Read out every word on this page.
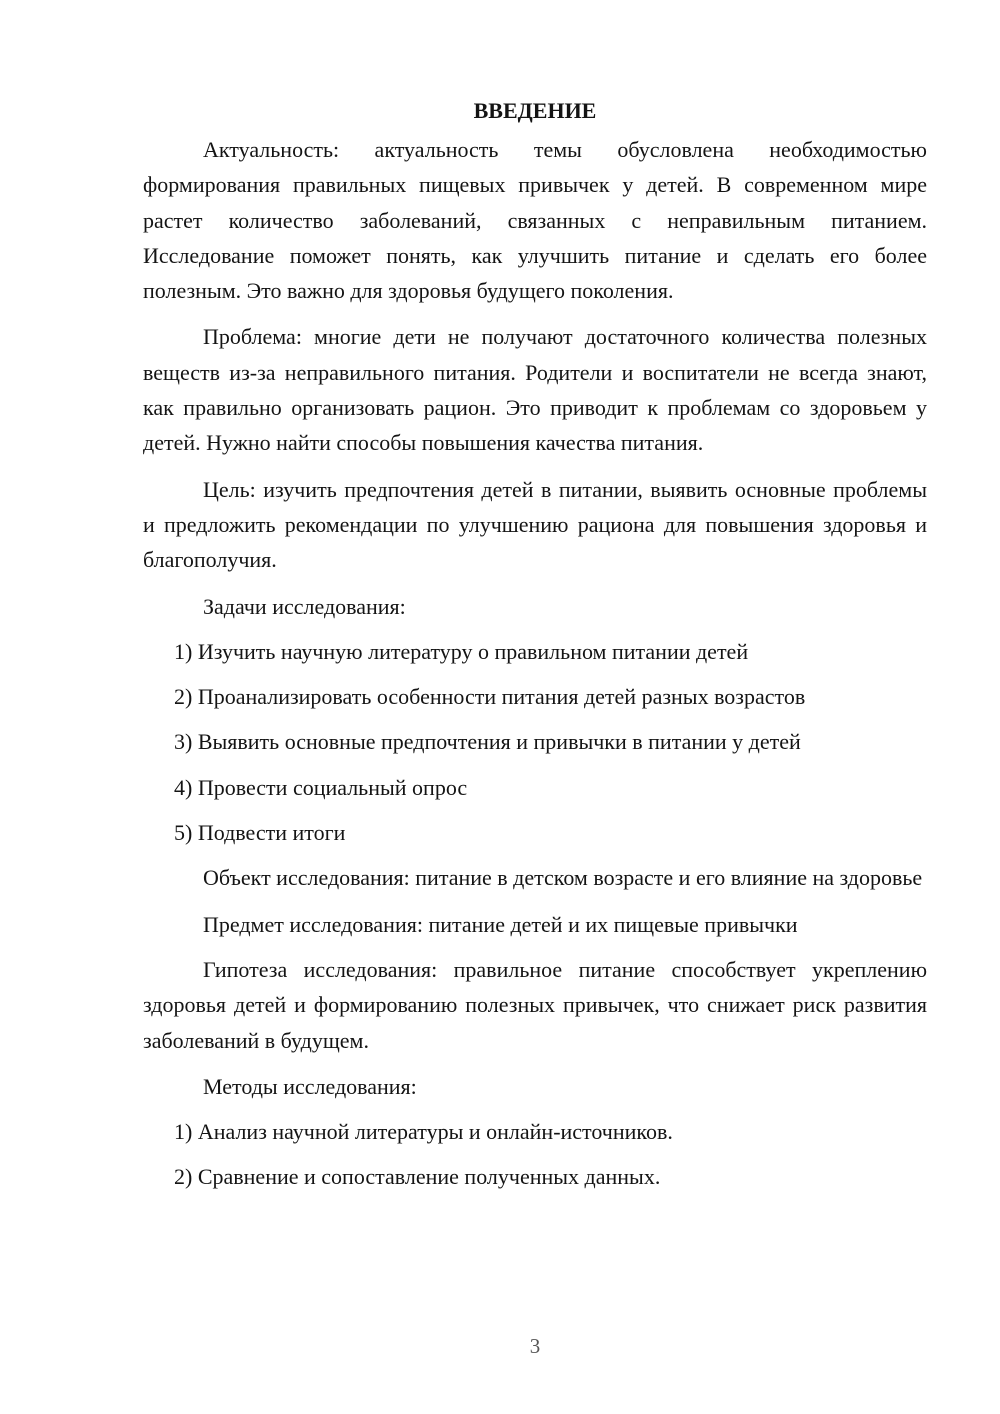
ВВЕДЕНИЕ

Актуальность: актуальность темы обусловлена необходимостью формирования правильных пищевых привычек у детей. В современном мире растет количество заболеваний, связанных с неправильным питанием. Исследование поможет понять, как улучшить питание и сделать его более полезным. Это важно для здоровья будущего поколения.

Проблема: многие дети не получают достаточного количества полезных веществ из-за неправильного питания. Родители и воспитатели не всегда знают, как правильно организовать рацион. Это приводит к проблемам со здоровьем у детей. Нужно найти способы повышения качества питания.

Цель: изучить предпочтения детей в питании, выявить основные проблемы и предложить рекомендации по улучшению рациона для повышения здоровья и благополучия.

Задачи исследования:
1) Изучить научную литературу о правильном питании детей
2) Проанализировать особенности питания детей разных возрастов
3) Выявить основные предпочтения и привычки в питании у детей
4) Провести социальный опрос
5) Подвести итоги

Объект исследования: питание в детском возрасте и его влияние на здоровье

Предмет исследования: питание детей и их пищевые привычки

Гипотеза исследования: правильное питание способствует укреплению здоровья детей и формированию полезных привычек, что снижает риск развития заболеваний в будущем.

Методы исследования:
1) Анализ научной литературы и онлайн-источников.
2) Сравнение и сопоставление полученных данных.
3
